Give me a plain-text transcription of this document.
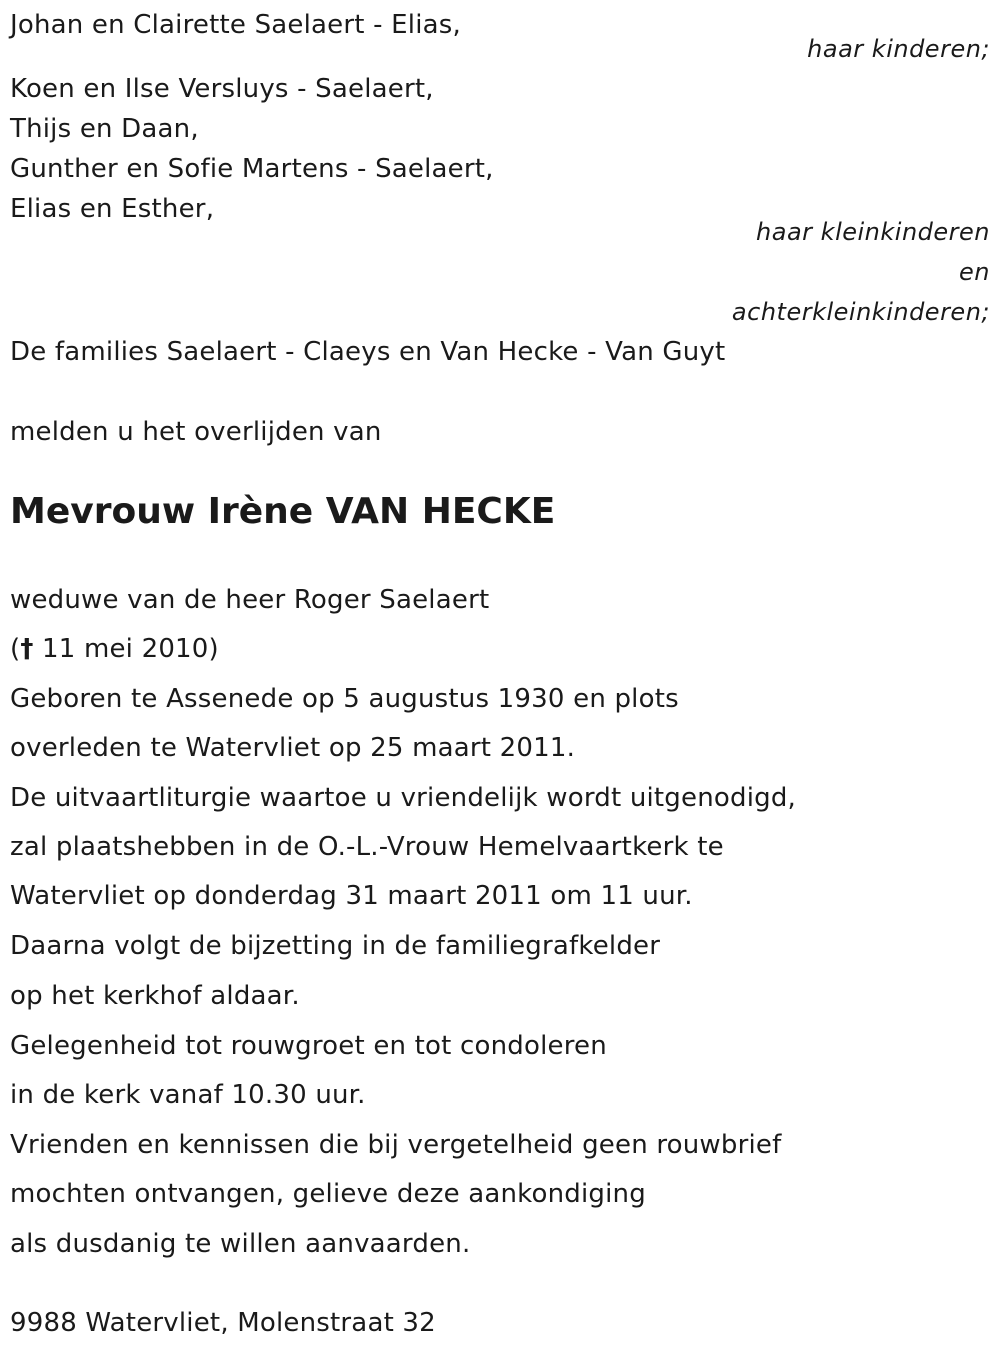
Johan en Clairette Saelaert - Elias,
haar kinderen;
Koen en Ilse Versluys - Saelaert,
Thijs en Daan,
Gunther en Sofie Martens - Saelaert,
Elias en Esther,
haar kleinkinderen
en
achterkleinkinderen;
De families Saelaert - Claeys en Van Hecke - Van Guyt
melden u het overlijden van
Mevrouw Irène VAN HECKE
weduwe van de heer Roger Saelaert
(† 11 mei 2010)
Geboren te Assenede op 5 augustus 1930 en plots
overleden te Watervliet op 25 maart 2011.
De uitvaartliturgie waartoe u vriendelijk wordt uitgenodigd,
zal plaatshebben in de O.-L.-Vrouw Hemelvaartkerk te
Watervliet op donderdag 31 maart 2011 om 11 uur.
Daarna volgt de bijzetting in de familiegrafkelder
op het kerkhof aldaar.
Gelegenheid tot rouwgroet en tot condoleren
in de kerk vanaf 10.30 uur.
Vrienden en kennissen die bij vergetelheid geen rouwbrief
mochten ontvangen, gelieve deze aankondiging
als dusdanig te willen aanvaarden.
9988 Watervliet, Molenstraat 32
